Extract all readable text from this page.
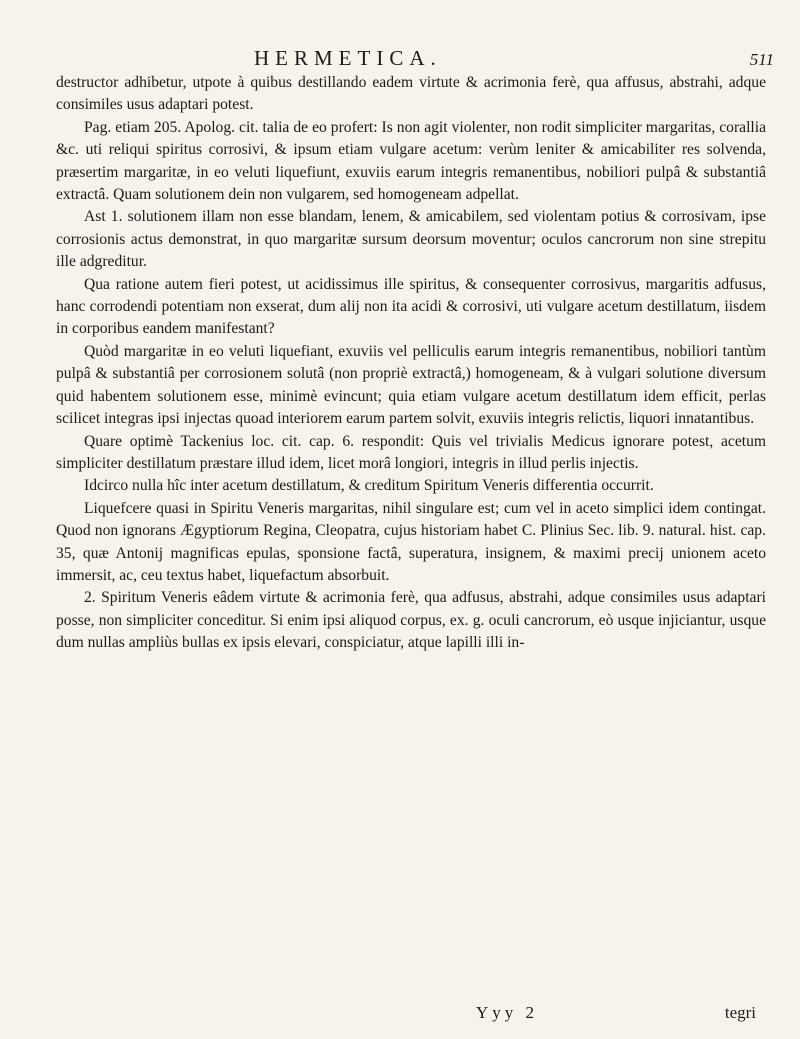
HERMETICA.	511

destructor adhibetur, utpote à quibus destillando eadem virtute & acrimonia ferè, qua affusus, abstrahi, adque consimiles usus adaptari potest.

Pag. etiam 205. Apolog. cit. talia de eo profert: Is non agit violenter, non rodit simpliciter margaritas, corallia &c. uti reliqui spiritus corrosivi, & ipsum etiam vulgare acetum: verùm leniter & amicabiliter res solvenda, præsertim margaritæ, in eo veluti liquefiunt, exuviis earum integris remanentibus, nobiliori pulpâ & substantiâ extractâ. Quam solutionem dein non vulgarem, sed homogeneam adpellat.

Ast 1. solutionem illam non esse blandam, lenem, & amicabilem, sed violentam potius & corrosivam, ipse corrosionis actus demonstrat, in quo margaritæ sursum deorsum moventur; oculos cancrorum non sine strepitu ille adgreditur.

Qua ratione autem fieri potest, ut acidissimus ille spiritus, & consequenter corrosivus, margaritis adfusus, hanc corrodendi potentiam non exserat, dum alij non ita acidi & corrosivi, uti vulgare acetum destillatum, iisdem in corporibus eandem manifestant?

Quòd margaritæ in eo veluti liquefiant, exuviis vel pelliculis earum integris remanentibus, nobiliori tantùm pulpâ & substantiâ per corrosionem solutâ (non propriè extractâ,) homogeneam, & à vulgari solutione diversum quid habentem solutionem esse, minimè evincunt; quia etiam vulgare acetum destillatum idem efficit, perlas scilicet integras ipsi injectas quoad interiorem earum partem solvit, exuviis integris relictis, liquori innatantibus.

Quare optimè Tackenius loc. cit. cap. 6. respondit: Quis vel trivialis Medicus ignorare potest, acetum simpliciter destillatum præstare illud idem, licet morâ longiori, integris in illud perlis injectis.

Idcirco nulla hîc inter acetum destillatum, & creditum Spiritum Veneris differentia occurrit.

Liquefcere quasi in Spiritu Veneris margaritas, nihil singulare est; cum vel in aceto simplici idem contingat. Quod non ignorans Ægyptiorum Regina, Cleopatra, cujus historiam habet C. Plinius Sec. lib. 9. natural. hist. cap. 35, quæ Antonij magnificas epulas, sponsione factâ, superatura, insignem, & maximi precij unionem aceto immersit, ac, ceu textus habet, liquefactum absorbuit.

2. Spiritum Veneris eâdem virtute & acrimonia ferè, qua adfusus, abstrahi, adque consimiles usus adaptari posse, non simpliciter conceditur. Si enim ipsi aliquod corpus, ex. g. oculi cancrorum, eò usque injiciantur, usque dum nullas ampliùs bullas ex ipsis elevari, conspiciatur, atque lapilli illi in-

Yyy 2	tegri
